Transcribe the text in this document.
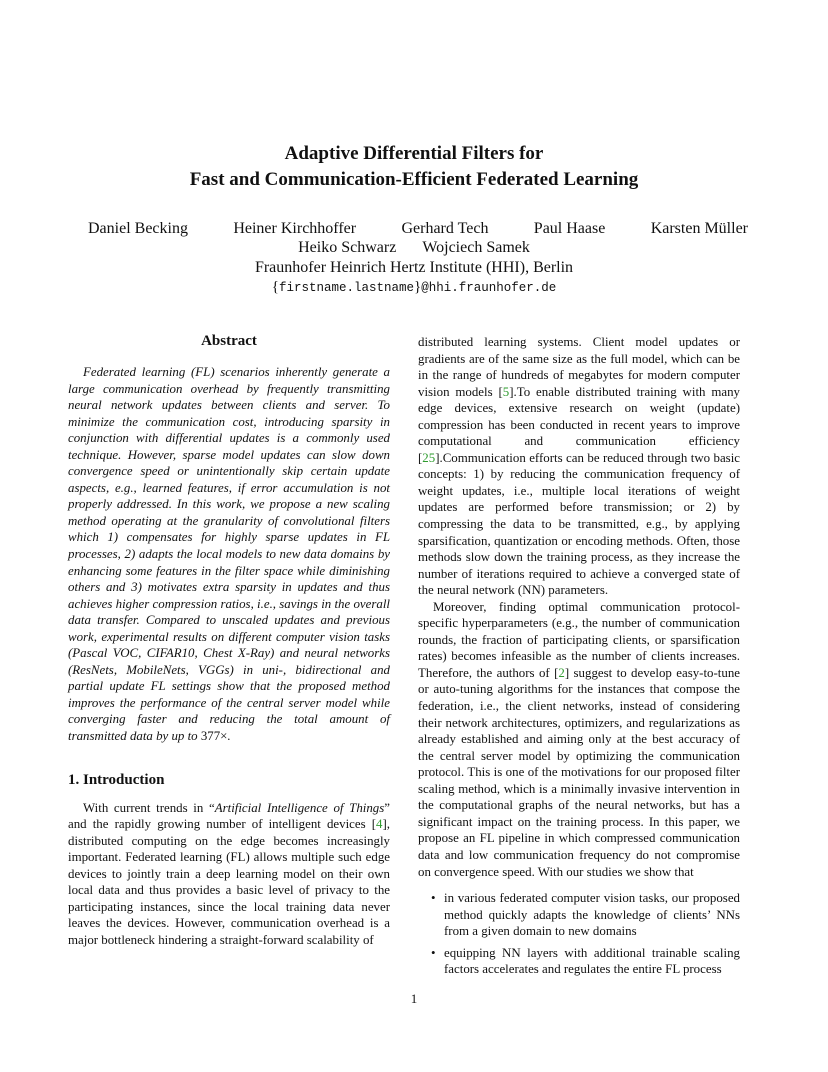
Adaptive Differential Filters for
Fast and Communication-Efficient Federated Learning
Daniel Becking	Heiner Kirchhoffer	Gerhard Tech	Paul Haase	Karsten Müller
Heiko Schwarz Wojciech Samek
Fraunhofer Heinrich Hertz Institute (HHI), Berlin
{firstname.lastname}@hhi.fraunhofer.de
Abstract

Federated learning (FL) scenarios inherently generate a large communication overhead by frequently transmitting neural network updates between clients and server. To minimize the communication cost, introducing sparsity in conjunction with differential updates is a commonly used technique. However, sparse model updates can slow down convergence speed or unintentionally skip certain update aspects, e.g., learned features, if error accumulation is not properly addressed. In this work, we propose a new scaling method operating at the granularity of convolutional filters which 1) compensates for highly sparse updates in FL processes, 2) adapts the local models to new data domains by enhancing some features in the filter space while diminishing others and 3) motivates extra sparsity in updates and thus achieves higher compression ratios, i.e., savings in the overall data transfer. Compared to unscaled updates and previous work, experimental results on different computer vision tasks (Pascal VOC, CIFAR10, Chest X-Ray) and neural networks (ResNets, MobileNets, VGGs) in uni-, bidirectional and partial update FL settings show that the proposed method improves the performance of the central server model while converging faster and reducing the total amount of transmitted data by up to 377×.

1. Introduction

With current trends in “Artificial Intelligence of Things” and the rapidly growing number of intelligent devices [4], distributed computing on the edge becomes increasingly important. Federated learning (FL) allows multiple such edge devices to jointly train a deep learning model on their own local data and thus provides a basic level of privacy to the participating instances, since the local training data never leaves the devices. However, communication overhead is a major bottleneck hindering a straight-forward scalability of

distributed learning systems. Client model updates or gradients are of the same size as the full model, which can be in the range of hundreds of megabytes for modern computer vision models [5].To enable distributed training with many edge devices, extensive research on weight (update) compression has been conducted in recent years to improve computational and communication efficiency [25].Communication efforts can be reduced through two basic concepts: 1) by reducing the communication frequency of weight updates, i.e., multiple local iterations of weight updates are performed before transmission; or 2) by compressing the data to be transmitted, e.g., by applying sparsification, quantization or encoding methods. Often, those methods slow down the training process, as they increase the number of iterations required to achieve a converged state of the neural network (NN) parameters.

Moreover, finding optimal communication protocol-specific hyperparameters (e.g., the number of communication rounds, the fraction of participating clients, or sparsification rates) becomes infeasible as the number of clients increases. Therefore, the authors of [2] suggest to develop easy-to-tune or auto-tuning algorithms for the instances that compose the federation, i.e., the client networks, instead of considering their network architectures, optimizers, and regularizations as already established and aiming only at the best accuracy of the central server model by optimizing the communication protocol. This is one of the motivations for our proposed filter scaling method, which is a minimally invasive intervention in the computational graphs of the neural networks, but has a significant impact on the training process. In this paper, we propose an FL pipeline in which compressed communication data and low communication frequency do not compromise on convergence speed. With our studies we show that

• in various federated computer vision tasks, our proposed method quickly adapts the knowledge of clients’ NNs from a given domain to new domains
• equipping NN layers with additional trainable scaling factors accelerates and regulates the entire FL process
1
